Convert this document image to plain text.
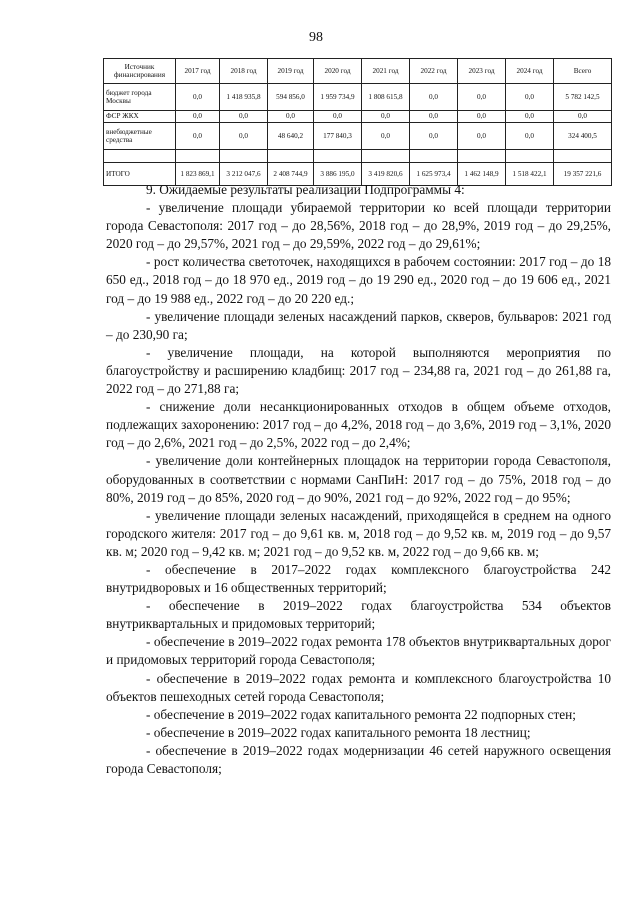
98
Источник финансирования	2017 год	2018 год	2019 год	2020 год	2021 год	2022 год	2023 год	2024 год	Всего
бюджет города Москвы	0,0	1 418 935,8	594 856,0	1 959 734,9	1 808 615,8	0,0	0,0	0,0	5 782 142,5
ФСР ЖКХ	0,0	0,0	0,0	0,0	0,0	0,0	0,0	0,0	0,0
внебюджетные средства	0,0	0,0	48 640,2	177 840,3	0,0	0,0	0,0	0,0	324 400,5

ИТОГО	1 823 869,1	3 212 047,6	2 408 744,9	3 886 195,0	3 419 820,6	1 625 973,4	1 462 148,9	1 518 422,1	19 357 221,6

9. Ожидаемые результаты реализации Подпрограммы 4:

- увеличение площади убираемой территории ко всей площади территории города Севастополя: 2017 год – до 28,56%, 2018 год – до 28,9%, 2019 год – до 29,25%, 2020 год – до 29,57%, 2021 год – до 29,59%, 2022 год – до 29,61%;

- рост количества светоточек, находящихся в рабочем состоянии: 2017 год – до 18 650 ед., 2018 год – до 18 970 ед., 2019 год – до 19 290 ед., 2020 год – до 19 606 ед., 2021 год – до 19 988 ед., 2022 год – до 20 220 ед.;

- увеличение площади зеленых насаждений парков, скверов, бульваров: 2021 год – до 230,90 га;

- увеличение площади, на которой выполняются мероприятия по благоустройству и расширению кладбищ: 2017 год – 234,88 га, 2021 год – до 261,88 га, 2022 год – до 271,88 га;

- снижение доли несанкционированных отходов в общем объеме отходов, подлежащих захоронению: 2017 год – до 4,2%, 2018 год – до 3,6%, 2019 год – 3,1%, 2020 год – до 2,6%, 2021 год – до 2,5%, 2022 год – до 2,4%;

- увеличение доли контейнерных площадок на территории города Севастополя, оборудованных в соответствии с нормами СанПиН: 2017 год – до 75%, 2018 год – до 80%, 2019 год – до 85%, 2020 год – до 90%, 2021 год – до 92%, 2022 год – до 95%;

- увеличение площади зеленых насаждений, приходящейся в среднем на одного городского жителя: 2017 год – до 9,61 кв. м, 2018 год – до 9,52 кв. м, 2019 год – до 9,57 кв. м; 2020 год – 9,42 кв. м; 2021 год – до 9,52 кв. м, 2022 год – до 9,66 кв. м;

- обеспечение в 2017–2022 годах комплексного благоустройства 242 внутридворовых и 16 общественных территорий;

- обеспечение в 2019–2022 годах благоустройства 534 объектов внутриквартальных и придомовых территорий;

- обеспечение в 2019–2022 годах ремонта 178 объектов внутриквартальных дорог и придомовых территорий города Севастополя;

- обеспечение в 2019–2022 годах ремонта и комплексного благоустройства 10 объектов пешеходных сетей города Севастополя;

- обеспечение в 2019–2022 годах капитального ремонта 22 подпорных стен;

- обеспечение в 2019–2022 годах капитального ремонта 18 лестниц;

- обеспечение в 2019–2022 годах модернизации 46 сетей наружного освещения города Севастополя;
